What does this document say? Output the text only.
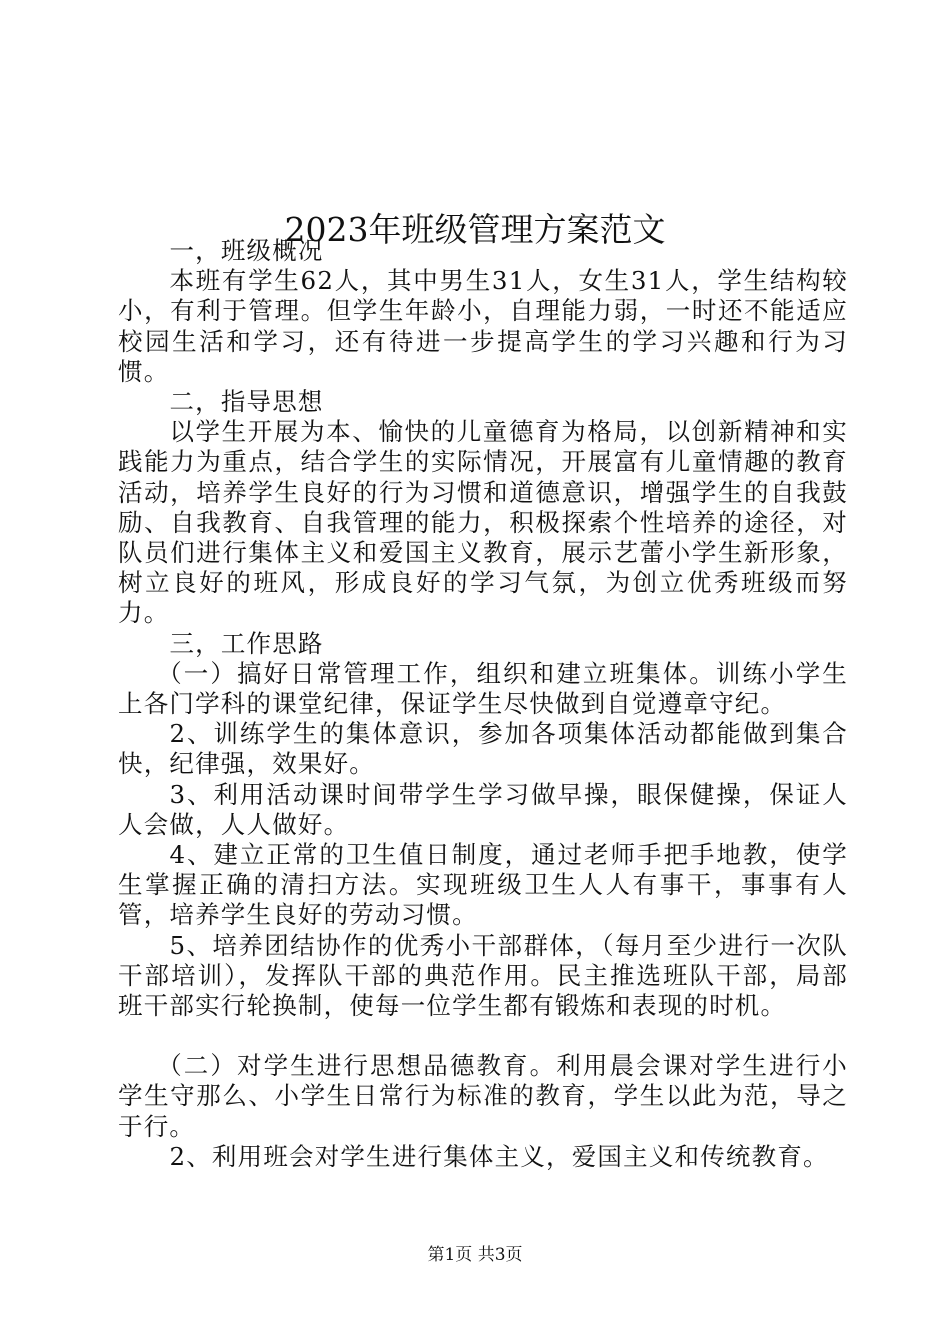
2023年班级管理方案范文

一，班级概况

本班有学生62人，其中男生31人，女生31人，学生结构较小，有利于管理。但学生年龄小，自理能力弱，一时还不能适应校园生活和学习，还有待进一步提高学生的学习兴趣和行为习惯。

二，指导思想

以学生开展为本、愉快的儿童德育为格局，以创新精神和实践能力为重点，结合学生的实际情况，开展富有儿童情趣的教育活动，培养学生良好的行为习惯和道德意识，增强学生的自我鼓励、自我教育、自我管理的能力，积极探索个性培养的途径，对队员们进行集体主义和爱国主义教育，展示艺蕾小学生新形象，树立良好的班风，形成良好的学习气氛，为创立优秀班级而努力。

三，工作思路

（一）搞好日常管理工作，组织和建立班集体。训练小学生上各门学科的课堂纪律，保证学生尽快做到自觉遵章守纪。

2、训练学生的集体意识，参加各项集体活动都能做到集合快，纪律强，效果好。

3、利用活动课时间带学生学习做早操，眼保健操，保证人人会做，人人做好。

4、建立正常的卫生值日制度，通过老师手把手地教，使学生掌握正确的清扫方法。实现班级卫生人人有事干，事事有人管，培养学生良好的劳动习惯。

5、培养团结协作的优秀小干部群体，（每月至少进行一次队干部培训），发挥队干部的典范作用。民主推选班队干部，局部班干部实行轮换制，使每一位学生都有锻炼和表现的时机。

（二）对学生进行思想品德教育。利用晨会课对学生进行小学生守那么、小学生日常行为标准的教育，学生以此为范，导之于行。

2、利用班会对学生进行集体主义，爱国主义和传统教育。

第1页 共3页
